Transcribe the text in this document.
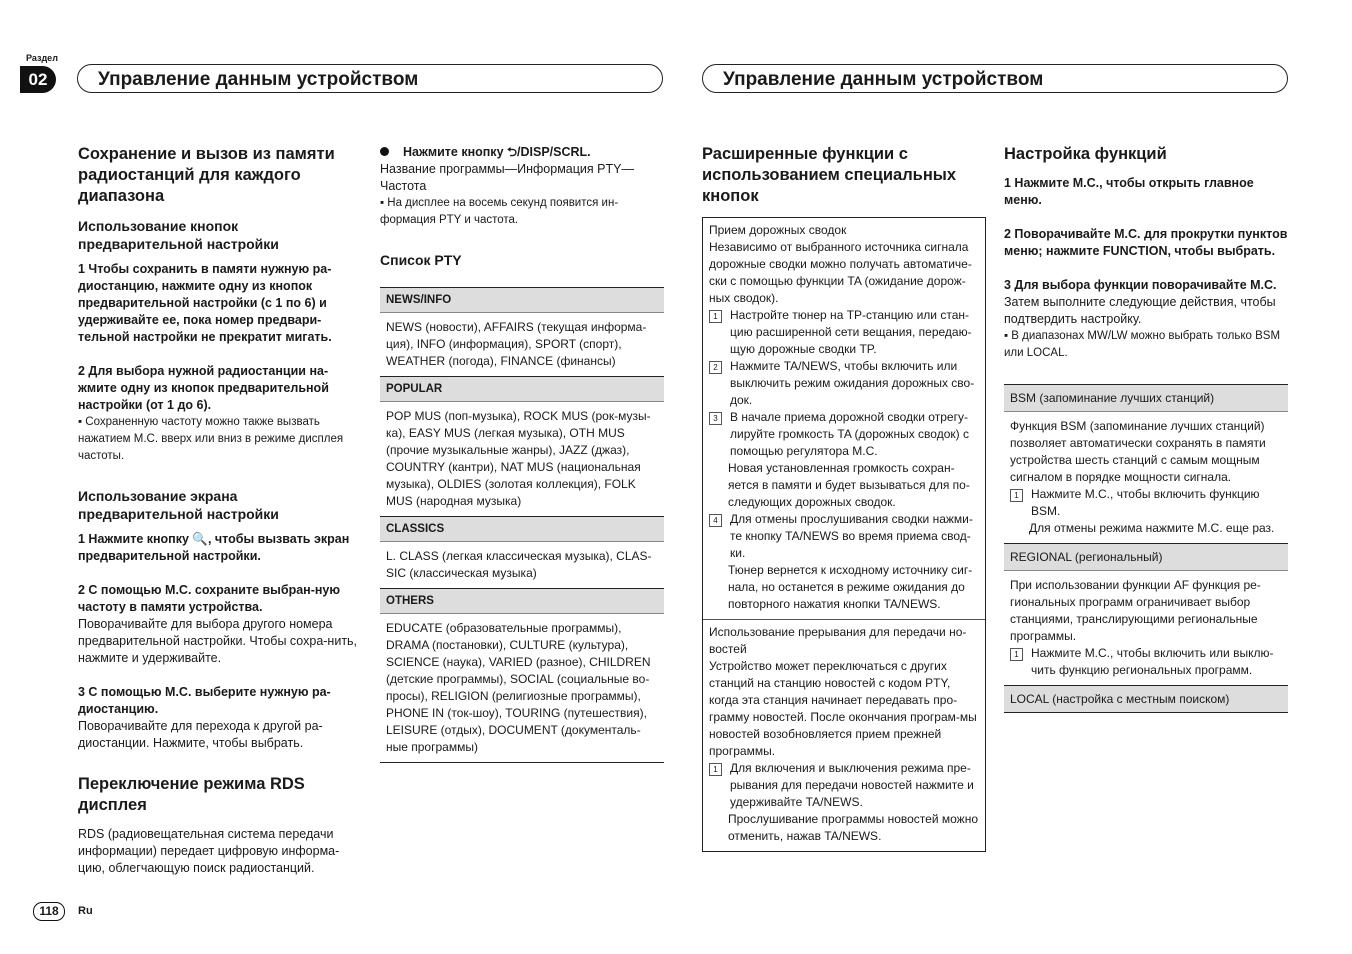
Раздел
02	Управление данным устройством	Управление данным устройством
Сохранение и вызов из памяти радиостанций для каждого диапазона
Использование кнопок предварительной настройки

1 Чтобы сохранить в памяти нужную ра-диостанцию, нажмите одну из кнопок предварительной настройки (с 1 по 6) и удерживайте ее, пока номер предвари-тельной настройки не прекратит мигать.

2 Для выбора нужной радиостанции на-жмите одну из кнопок предварительной настройки (от 1 до 6).

▪ Сохраненную частоту можно также вызвать нажатием M.C. вверх или вниз в режиме дисплея частоты.

Использование экрана предварительной настройки

1 Нажмите кнопку 🔍, чтобы вызвать экран предварительной настройки.

2 С помощью M.C. сохраните выбран-ную частоту в памяти устройства.

Поворачивайте для выбора другого номера предварительной настройки. Чтобы сохра-нить, нажмите и удерживайте.

3 С помощью M.C. выберите нужную ра-диостанцию.

Поворачивайте для перехода к другой ра-диостанции. Нажмите, чтобы выбрать.

Переключение режима RDS дисплея

RDS (радиовещательная система передачи информации) передает цифровую информа-цию, облегчающую поиск радиостанций.

Нажмите кнопку ⮌/DISP/SCRL.

Название программы—Информация PTY—Частота

▪ На дисплее на восемь секунд появится ин-формация PTY и частота.

Список PTY
NEWS/INFO
NEWS (новости), AFFAIRS (текущая информа-ция), INFO (информация), SPORT (спорт), WEATHER (погода), FINANCE (финансы)
POPULAR
POP MUS (поп-музыка), ROCK MUS (рок-музы-ка), EASY MUS (легкая музыка), OTH MUS (прочие музыкальные жанры), JAZZ (джаз), COUNTRY (кантри), NAT MUS (национальная музыка), OLDIES (золотая коллекция), FOLK MUS (народная музыка)
CLASSICS
L. CLASS (легкая классическая музыка), CLAS-SIC (классическая музыка)
OTHERS
EDUCATE (образовательные программы), DRAMA (постановки), CULTURE (культура), SCIENCE (наука), VARIED (разное), CHILDREN (детские программы), SOCIAL (социальные во-просы), RELIGION (религиозные программы), PHONE IN (ток-шоу), TOURING (путешествия), LEISURE (отдых), DOCUMENT (документаль-ные программы)
Расширенные функции с использованием специальных кнопок

Прием дорожных сводок

Независимо от выбранного источника сигнала дорожные сводки можно получать автоматиче-ски с помощью функции TA (ожидание дорож-ных сводок).

1	Настройте тюнер на TP-станцию или стан-цию расширенной сети вещания, передаю-щую дорожные сводки TP.
2	Нажмите TA/NEWS, чтобы включить или выключить режим ожидания дорожных сво-док.
3	В начале приема дорожной сводки отрегу-лируйте громкость TA (дорожных сводок) с помощью регулятора M.C.
Новая установленная громкость сохран-яется в памяти и будет вызываться для по-следующих дорожных сводок.
4	Для отмены прослушивания сводки нажми-те кнопку TA/NEWS во время приема свод-ки.
Тюнер вернется к исходному источнику сиг-нала, но останется в режиме ожидания до повторного нажатия кнопки TA/NEWS.

Использование прерывания для передачи но-востей

Устройство может переключаться с других станций на станцию новостей с кодом PTY, когда эта станция начинает передавать про-грамму новостей. После окончания програм-мы новостей возобновляется прием прежней программы.

1	Для включения и выключения режима пре-рывания для передачи новостей нажмите и удерживайте TA/NEWS.
Прослушивание программы новостей можно отменить, нажав TA/NEWS.
Настройка функций

1 Нажмите M.C., чтобы открыть главное меню.

2 Поворачивайте M.C. для прокрутки пунктов меню; нажмите FUNCTION, чтобы выбрать.

3 Для выбора функции поворачивайте M.C.

Затем выполните следующие действия, чтобы подтвердить настройку.

▪ В диапазонах MW/LW можно выбрать только BSM или LOCAL.

BSM (запоминание лучших станций)

Функция BSM (запоминание лучших станций) позволяет автоматически сохранять в памяти устройства шесть станций с самым мощным сигналом в порядке мощности сигнала.

1	Нажмите M.C., чтобы включить функцию BSM.
Для отмены режима нажмите M.C. еще раз.
REGIONAL (региональный)

При использовании функции AF функция ре-гиональных программ ограничивает выбор станциями, транслирующими региональные программы.

1	Нажмите M.C., чтобы включить или выклю-чить функцию региональных программ.
LOCAL (настройка с местным поиском)
118	Ru
